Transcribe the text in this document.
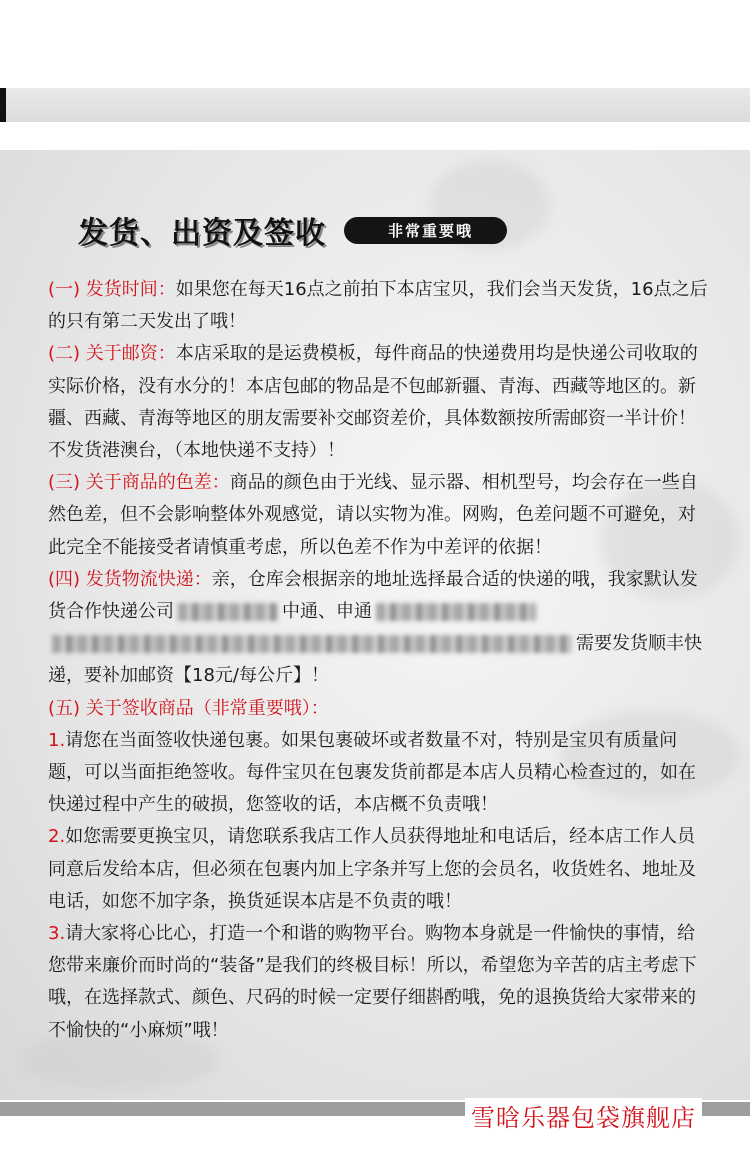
发货、出资及签收	非常重要哦

(一) 发货时间：如果您在每天16点之前拍下本店宝贝，我们会当天发货，16点之后的只有第二天发出了哦！

(二) 关于邮资：本店采取的是运费模板，每件商品的快递费用均是快递公司收取的实际价格，没有水分的！本店包邮的物品是不包邮新疆、青海、西藏等地区的。新疆、西藏、青海等地区的朋友需要补交邮资差价，具体数额按所需邮资一半计价！不发货港澳台，（本地快递不支持）！

(三) 关于商品的色差：商品的颜色由于光线、显示器、相机型号，均会存在一些自然色差，但不会影响整体外观感觉，请以实物为准。网购，色差问题不可避免，对此完全不能接受者请慎重考虑，所以色差不作为中差评的依据！

(四) 发货物流快递：亲，仓库会根据亲的地址选择最合适的快递的哦，我家默认发货合作快递公司	中通、申通需要发货顺丰快递，要补加邮资【18元/每公斤】！

(五) 关于签收商品（非常重要哦）：

1.请您在当面签收快递包裹。如果包裹破坏或者数量不对，特别是宝贝有质量问题，可以当面拒绝签收。每件宝贝在包裹发货前都是本店人员精心检查过的，如在快递过程中产生的破损，您签收的话，本店概不负责哦！

2.如您需要更换宝贝，请您联系我店工作人员获得地址和电话后，经本店工作人员同意后发给本店，但必须在包裹内加上字条并写上您的会员名，收货姓名、地址及电话，如您不加字条，换货延误本店是不负责的哦！

3.请大家将心比心，打造一个和谐的购物平台。购物本身就是一件愉快的事情，给您带来廉价而时尚的“装备”是我们的终极目标！所以，希望您为辛苦的店主考虑下哦，在选择款式、颜色、尺码的时候一定要仔细斟酌哦，免的退换货给大家带来的不愉快的“小麻烦”哦！

雪晗乐器包袋旗舰店
